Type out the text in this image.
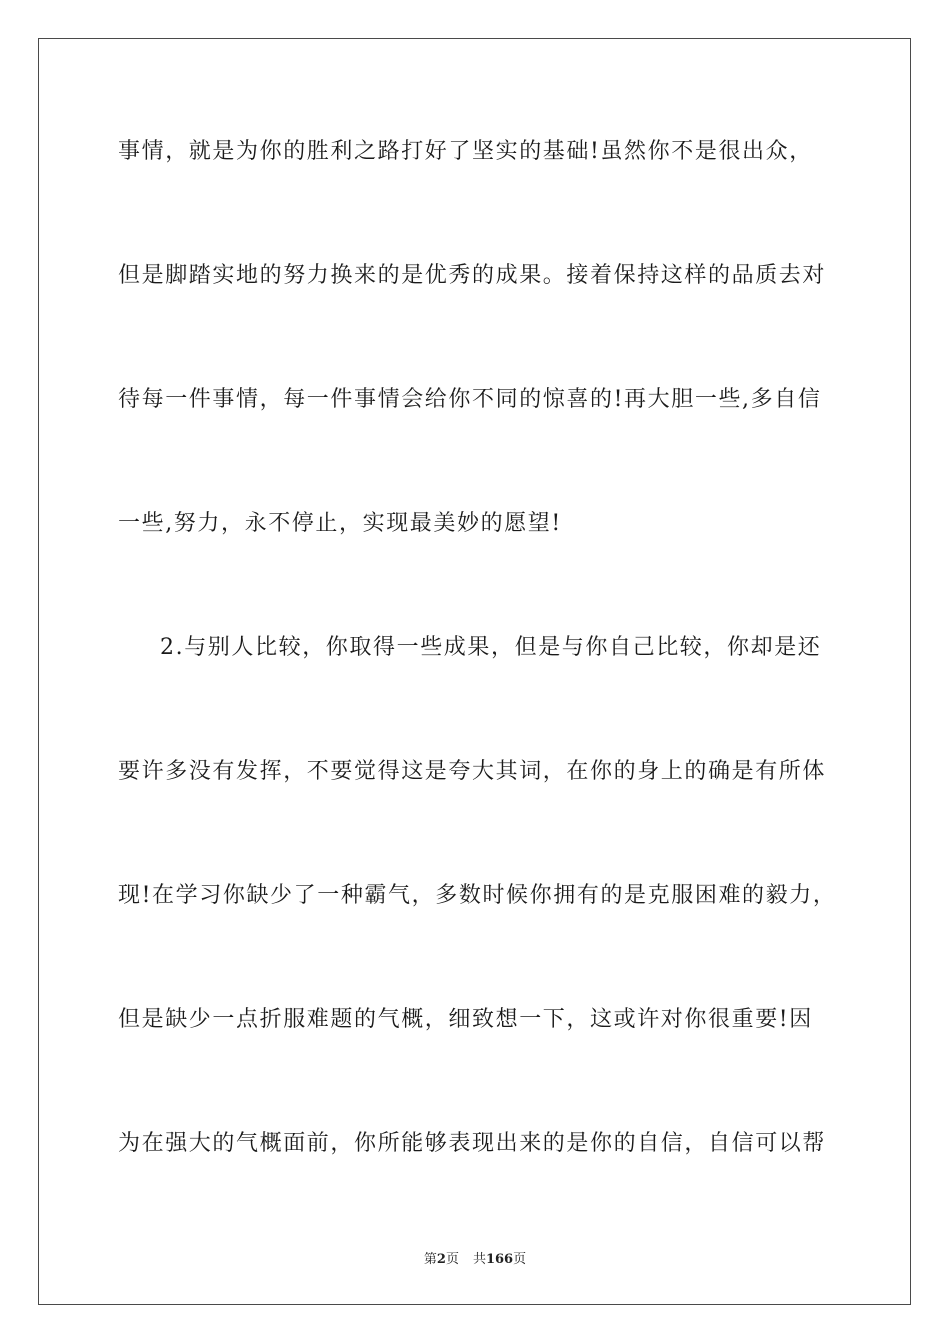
事情，就是为你的胜利之路打好了坚实的基础!虽然你不是很出众，
但是脚踏实地的努力换来的是优秀的成果。接着保持这样的品质去对
待每一件事情，每一件事情会给你不同的惊喜的!再大胆一些,多自信
一些,努力，永不停止，实现最美妙的愿望!
2.与别人比较，你取得一些成果，但是与你自己比较，你却是还
要许多没有发挥，不要觉得这是夸大其词，在你的身上的确是有所体
现!在学习你缺少了一种霸气，多数时候你拥有的是克服困难的毅力，
但是缺少一点折服难题的气概，细致想一下，这或许对你很重要!因
为在强大的气概面前，你所能够表现出来的是你的自信，自信可以帮
第2页 共166页
